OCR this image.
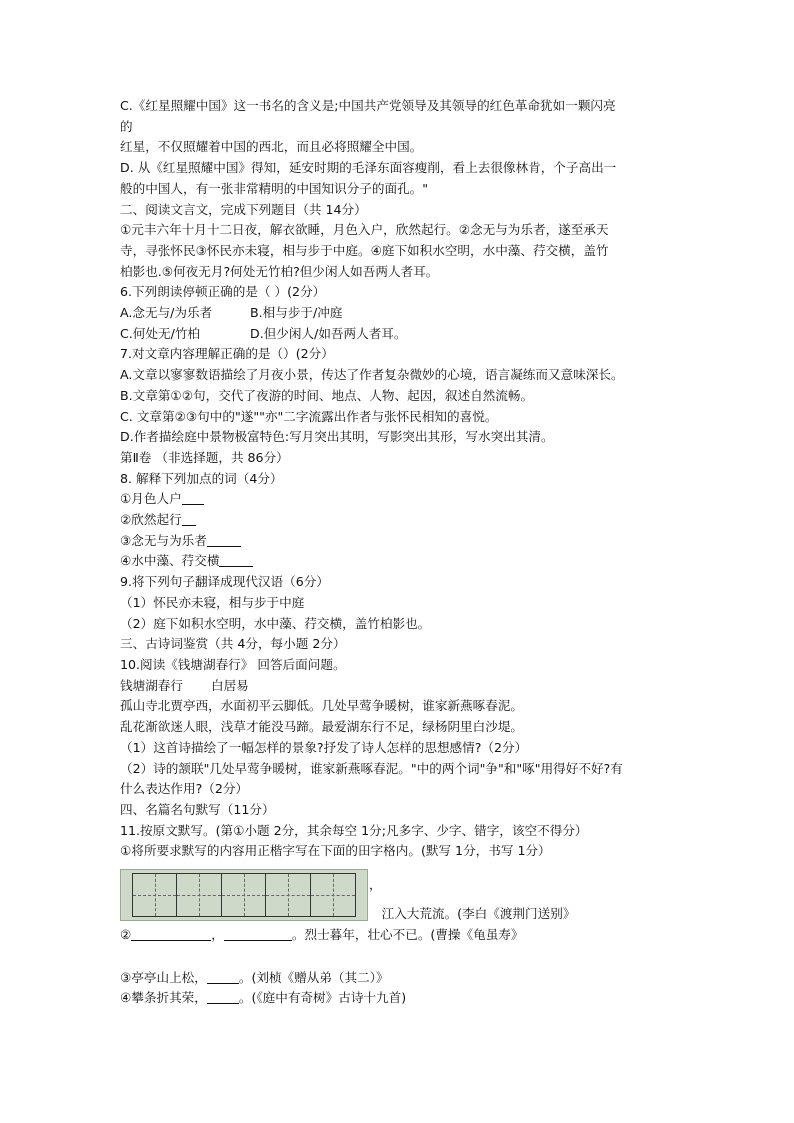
C.《红星照耀中国》这一书名的含义是;中国共产党领导及其领导的红色革命犹如一颗闪亮

的

红星，不仅照耀着中国的西北，而且必将照耀全中国。

D. 从《红星照耀中国》得知，延安时期的毛泽东面容瘦削，看上去很像林肯，个子高出一

般的中国人，有一张非常精明的中国知识分子的面孔。"

二、阅读文言文，完成下列题目（共 14分）

①元丰六年十月十二日夜，解衣欲睡，月色入户，欣然起行。②念无与为乐者，遂至承天

寺，寻张怀民③怀民亦未寝，相与步于中庭。④庭下如积水空明，水中藻、荇交横，盖竹

柏影也.⑤何夜无月?何处无竹柏?但少闲人如吾两人者耳。

6.下列朗读停顿正确的是（ ）(2分）

A.念无与/为乐者	B.相与步于/冲庭

C.何处无/竹柏	D.但少闲人/如吾两人者耳。

7.对文章内容理解正确的是（）(2分）

A.文章以寥寥数语描绘了月夜小景，传达了作者复杂微妙的心境，语言凝练而又意味深长。

B.文章第①②句，交代了夜游的时间、地点、人物、起因，叙述自然流畅。

C. 文章第②③句中的"遂""亦"二字流露出作者与张怀民相知的喜悦。

D.作者描绘庭中景物极富特色:写月突出其明，写影突出其形，写水突出其清。

第Ⅱ卷 （非选择题，共 86分）

8. 解释下列加点的词（4分）

①月色人户

②欣然起行

③念无与为乐者

④水中藻、荇交横

9.将下列句子翻译成现代汉语（6分）

（1）怀民亦未寝，相与步于中庭

（2）庭下如积水空明，水中藻、荇交横，盖竹柏影也。

三、古诗词鉴赏（共 4分，每小题 2分）

10.阅读《钱塘湖春行》 回答后面问题。

钱塘湖春行       白居易

孤山寺北贾亭西，水面初平云脚低。几处早莺争暖树，谁家新燕啄春泥。

乱花渐欲迷人眼，浅草才能没马蹄。最爱湖东行不足，绿杨阴里白沙堤。

（1）这首诗描绘了一幅怎样的景象?抒发了诗人怎样的思想感情?（2分）

（2）诗的颔联"几处早莺争暖树，谁家新燕啄春泥。"中的两个词"争"和"啄"用得好不好?有

什么表达作用?（2分）

四、名篇名句默写（11分）

11.按原文默写。(第①小题 2分，其余每空 1分;凡多字、少字、错字，该空不得分）

①将所要求默写的内容用正楷字写在下面的田字格内。(默写 1分，书写 1分）

，
江入大荒流。(李白《渡荆门送别》

②	，	。烈士暮年，壮心不已。(曹操《龟虽寿》

③亭亭山上松，	。(刘桢《赠从弟（其二）》

④攀条折其荣，	。(《庭中有奇树》古诗十九首)
